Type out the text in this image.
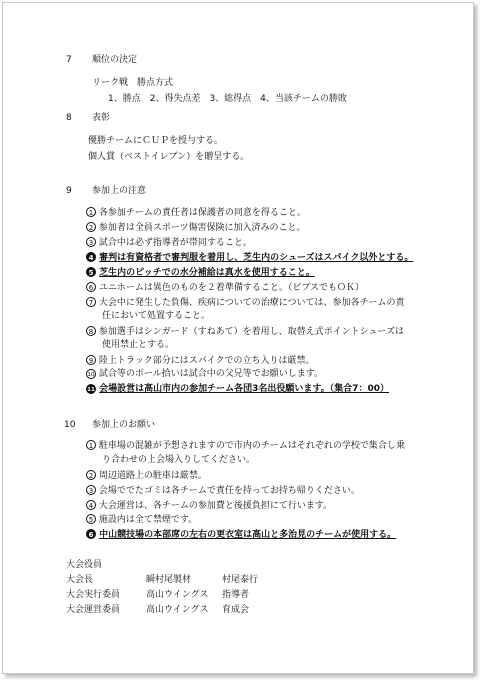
7 順位の決定
リーク戦　勝点方式
1、勝点　2、得失点差　3、総得点　4、当該チームの勝敗
8 表彰
優勝チームにＣＵＰを授与する。
個人賞（ベストイレブン）を贈呈する。
9 参加上の注意
1 各参加チームの責任者は保護者の同意を得ること。
2 参加者は全員スポーツ傷害保険に加入済みのこと。
3 試合中は必ず指導者が帯同すること。
4 審判は有資格者で審判服を着用し、芝生内のシューズはスパイク以外とする。
5 芝生内のピッチでの水分補給は真水を使用すること。
6 ユニホームは異色のものを２着準備すること。（ビブスでもＯＫ）
7 大会中に発生した負傷、疾病についての治療については、参加各チームの責
任において処置すること。
8 参加選手はシンガード（すねあて）を着用し、取替え式ポイントシューズは
使用禁止とする。
9 陸上トラック部分にはスパイクでの立ち入りは厳禁。
10 試合等のボール拾いは試合中の父兄等でお願いします。
11 会場設営は高山市内の参加チーム各団3名出役願います。（集合7：00）
10 参加上のお願い
1 駐車場の混雑が予想されますので市内のチームはそれぞれの学校で集合し乗
り合わせの上会場入りしてください。
2 周辺道路上の駐車は厳禁。
3 会場ででたゴミは各チームで責任を持ってお持ち帰りください。
4 大会運営は、各チームの参加費と後援負担にて行います。
5 施設内は全て禁煙です。
6 中山競技場の本部席の左右の更衣室は高山と多治見のチームが使用する。
大会役員
大会長	瞬村尾製材	村尾泰行
大会実行委員	高山ウイングス 指導者
大会運営委員	高山ウイングス 育成会
